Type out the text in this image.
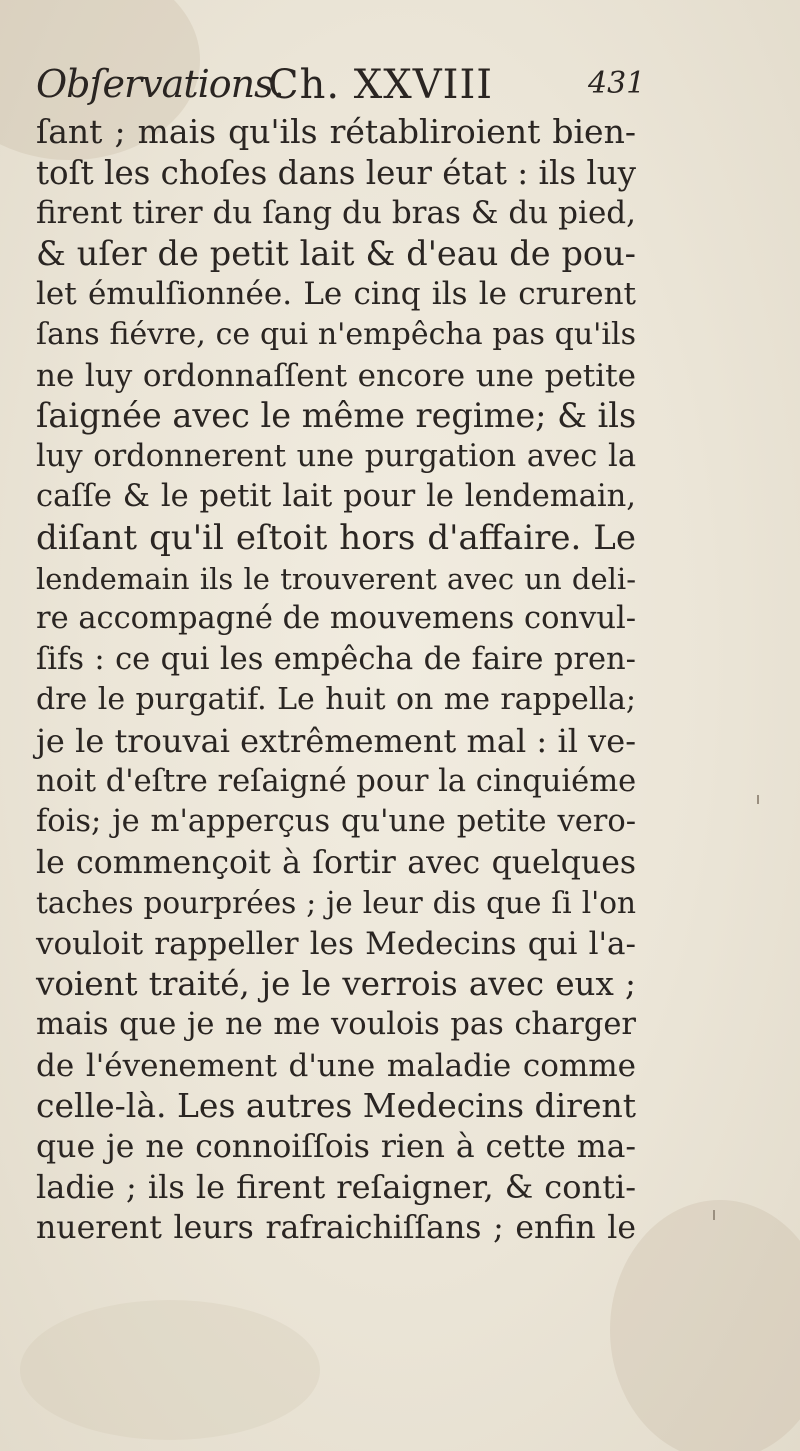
Obſervations.
Ch. XXVIII	431
ſant ; mais qu'ils rétabliroient bien-
toſt les choſes dans leur état : ils luy
firent tirer du ſang du bras & du pied,
& uſer de petit lait & d'eau de pou-
let émulſionnée. Le cinq ils le crurent
ſans fiévre, ce qui n'empêcha pas qu'ils
ne luy ordonnaſſent encore une petite
ſaignée avec le même regime; & ils
luy ordonnerent une purgation avec la
caſſe & le petit lait pour le lendemain,
diſant qu'il eſtoit hors d'affaire. Le
lendemain ils le trouverent avec un deli-
re accompagné de mouvemens convul-
ſifs : ce qui les empêcha de faire pren-
dre le purgatif. Le huit on me rappella;
je le trouvai extrêmement mal : il ve-
noit d'eſtre reſaigné pour la cinquiéme
fois; je m'apperçus qu'une petite vero-
le commençoit à ſortir avec quelques
taches pourprées ; je leur dis que ſi l'on
vouloit rappeller les Medecins qui l'a-
voient traité, je le verrois avec eux ;
mais que je ne me voulois pas charger
de l'évenement d'une maladie comme
celle-là. Les autres Medecins dirent
que je ne connoiſſois rien à cette ma-
ladie ; ils le firent reſaigner, & conti-
nuerent leurs rafraichiſſans ; enfin le
